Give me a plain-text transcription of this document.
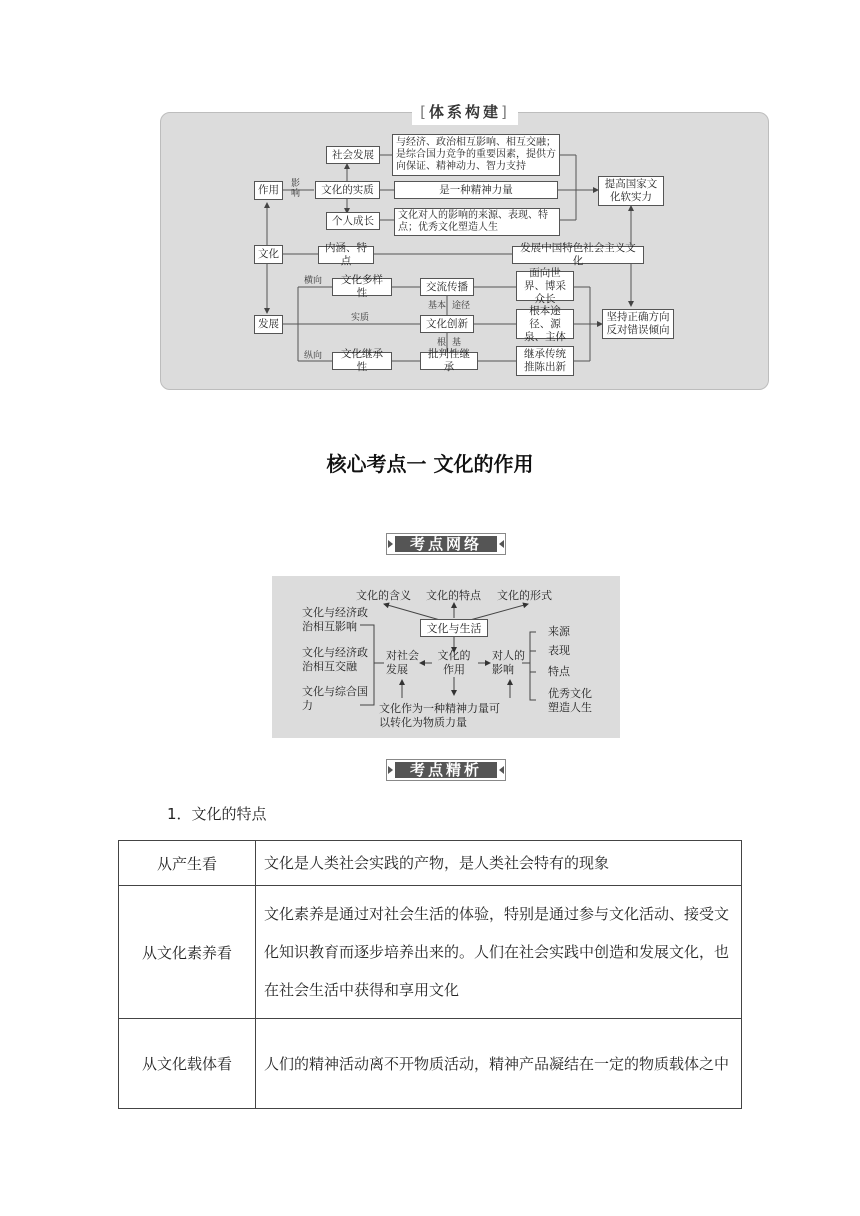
[体系构建]
作用
文化
发展
影响
社会发展
文化的实质
个人成长
与经济、政治相互影响、相互交融；是综合国力竞争的重要因素，提供方向保证、精神动力、智力支持
是一种精神力量
文化对人的影响的来源、表现、特点；优秀文化塑造人生
提高国家文化软实力
内涵、特点
发展中国特色社会主义文化
横向
实质
纵向
文化多样性
交流传播
面向世界、博采众长
基本 途径
文化创新
根本途径、源泉、主体
坚持正确方向反对错误倾向
根 基
文化继承性
批判性继承
继承传统推陈出新
核心考点一 文化的作用
考点网络
文化的含义 文化的特点 文化的形式
文化与生活
文化与经济政治相互影响
文化与经济政治相互交融
文化与综合国力
对社会发展
文化的作用
对人的影响
来源
表现
特点
优秀文化塑造人生
文化作为一种精神力量可以转化为物质力量
考点精析
1．文化的特点
从产生看	文化是人类社会实践的产物，是人类社会特有的现象
从文化素养看	文化素养是通过对社会生活的体验，特别是通过参与文化活动、接受文化知识教育而逐步培养出来的。人们在社会实践中创造和发展文化，也在社会生活中获得和享用文化
从文化载体看	人们的精神活动离不开物质活动，精神产品凝结在一定的物质载体之中
